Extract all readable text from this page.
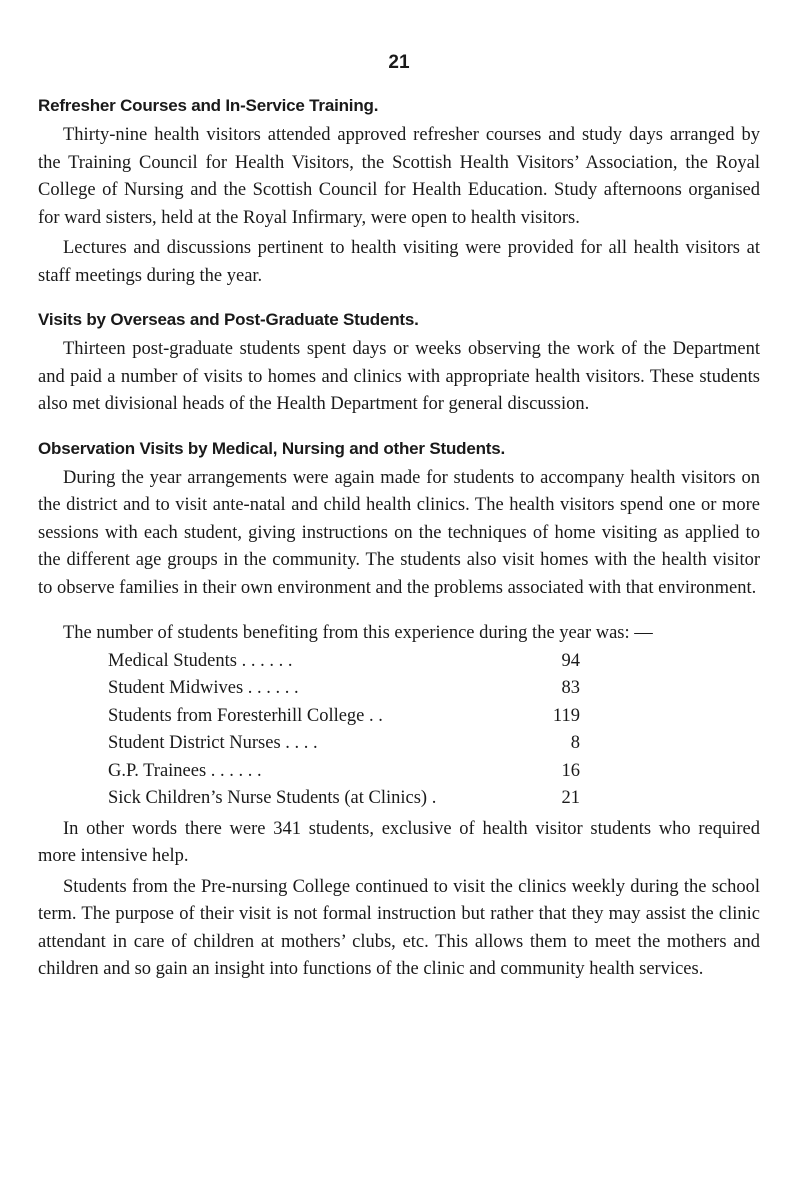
21
Refresher Courses and In-Service Training.

Thirty-nine health visitors attended approved refresher courses and study days arranged by the Training Council for Health Visitors, the Scottish Health Visitors’ Association, the Royal College of Nursing and the Scottish Council for Health Education. Study afternoons organised for ward sisters, held at the Royal Infirmary, were open to health visitors.

Lectures and discussions pertinent to health visiting were provided for all health visitors at staff meetings during the year.

Visits by Overseas and Post-Graduate Students.

Thirteen post-graduate students spent days or weeks observing the work of the Department and paid a number of visits to homes and clinics with appropriate health visitors. These students also met divisional heads of the Health Department for general discussion.

Observation Visits by Medical, Nursing and other Students.

During the year arrangements were again made for students to accompany health visitors on the district and to visit ante-natal and child health clinics. The health visitors spend one or more sessions with each student, giving instructions on the techniques of home visiting as applied to the different age groups in the community. The students also visit homes with the health visitor to observe families in their own environment and the problems associated with that environment.

The number of students benefiting from this experience during the year was: —
Medical Students . . . . . .	94
Student Midwives . . . . . .	83
Students from Foresterhill College . .	119
Student District Nurses . . . .	8
G.P. Trainees . . . . . .	16
Sick Children’s Nurse Students (at Clinics) .	21

In other words there were 341 students, exclusive of health visitor students who required more intensive help.

Students from the Pre-nursing College continued to visit the clinics weekly during the school term. The purpose of their visit is not formal instruction but rather that they may assist the clinic attendant in care of children at mothers’ clubs, etc. This allows them to meet the mothers and children and so gain an insight into functions of the clinic and community health services.
